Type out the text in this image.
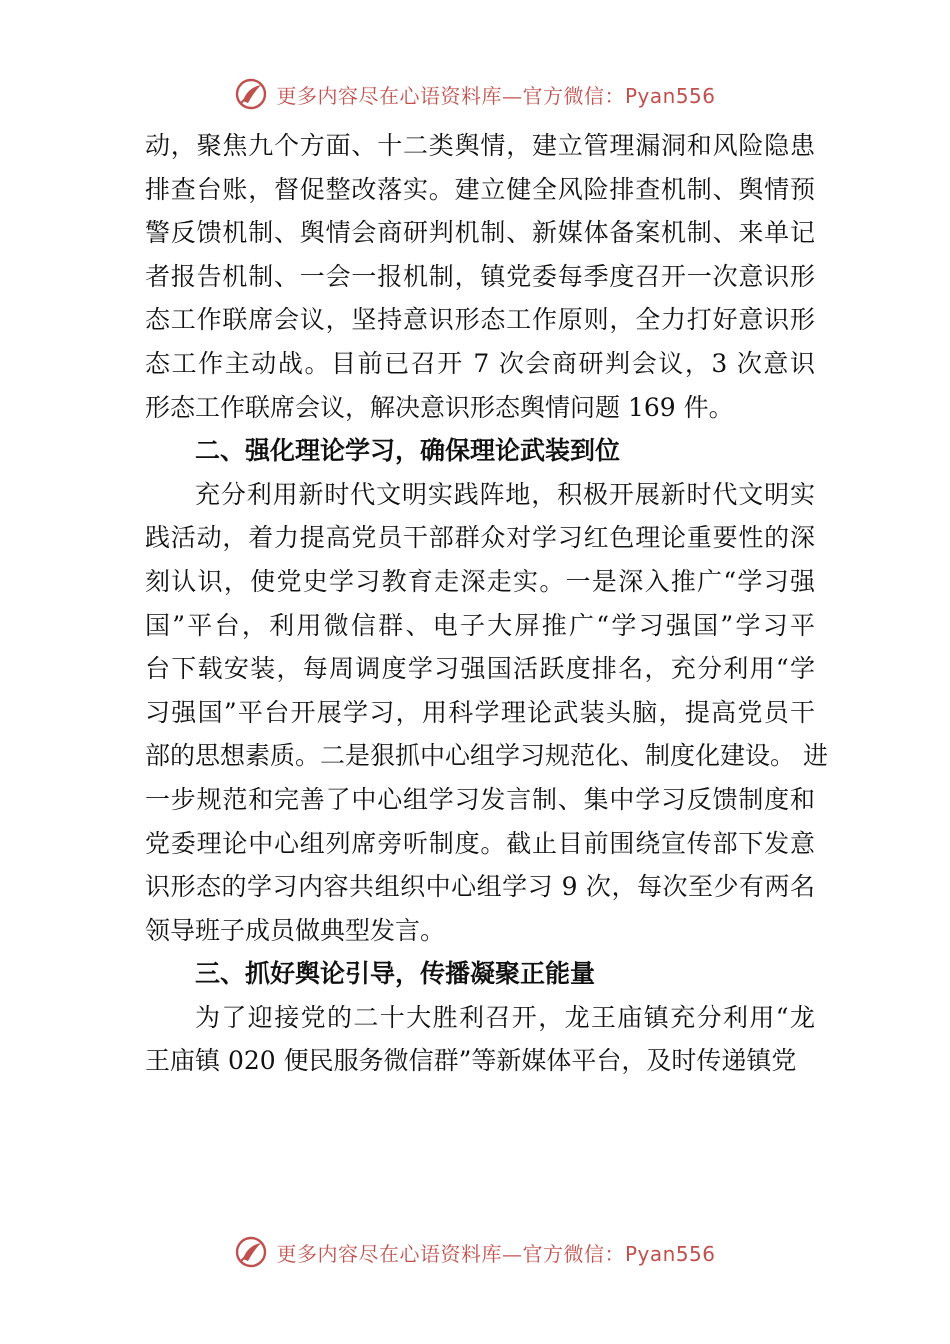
更多内容尽在心语资料库—官方微信：Pyan556
动，聚焦九个方面、十二类舆情，建立管理漏洞和风险隐患
排查台账，督促整改落实。建立健全风险排查机制、舆情预
警反馈机制、舆情会商研判机制、新媒体备案机制、来单记
者报告机制、一会一报机制，镇党委每季度召开一次意识形
态工作联席会议，坚持意识形态工作原则，全力打好意识形
态工作主动战。目前已召开 7 次会商研判会议，3 次意识
形态工作联席会议，解决意识形态舆情问题 169 件。
二、强化理论学习，确保理论武装到位
充分利用新时代文明实践阵地，积极开展新时代文明实
践活动，着力提高党员干部群众对学习红色理论重要性的深
刻认识，使党史学习教育走深走实。一是深入推广“学习强
国”平台，利用微信群、电子大屏推广“学习强国”学习平
台下载安装，每周调度学习强国活跃度排名，充分利用“学
习强国”平台开展学习，用科学理论武装头脑，提高党员干
部的思想素质。二是狠抓中心组学习规范化、制度化建设。 进
一步规范和完善了中心组学习发言制、集中学习反馈制度和
党委理论中心组列席旁听制度。截止目前围绕宣传部下发意
识形态的学习内容共组织中心组学习 9 次，每次至少有两名
领导班子成员做典型发言。
三、抓好舆论引导，传播凝聚正能量
为了迎接党的二十大胜利召开，龙王庙镇充分利用“龙
王庙镇 020 便民服务微信群”等新媒体平台，及时传递镇党
更多内容尽在心语资料库—官方微信：Pyan556
